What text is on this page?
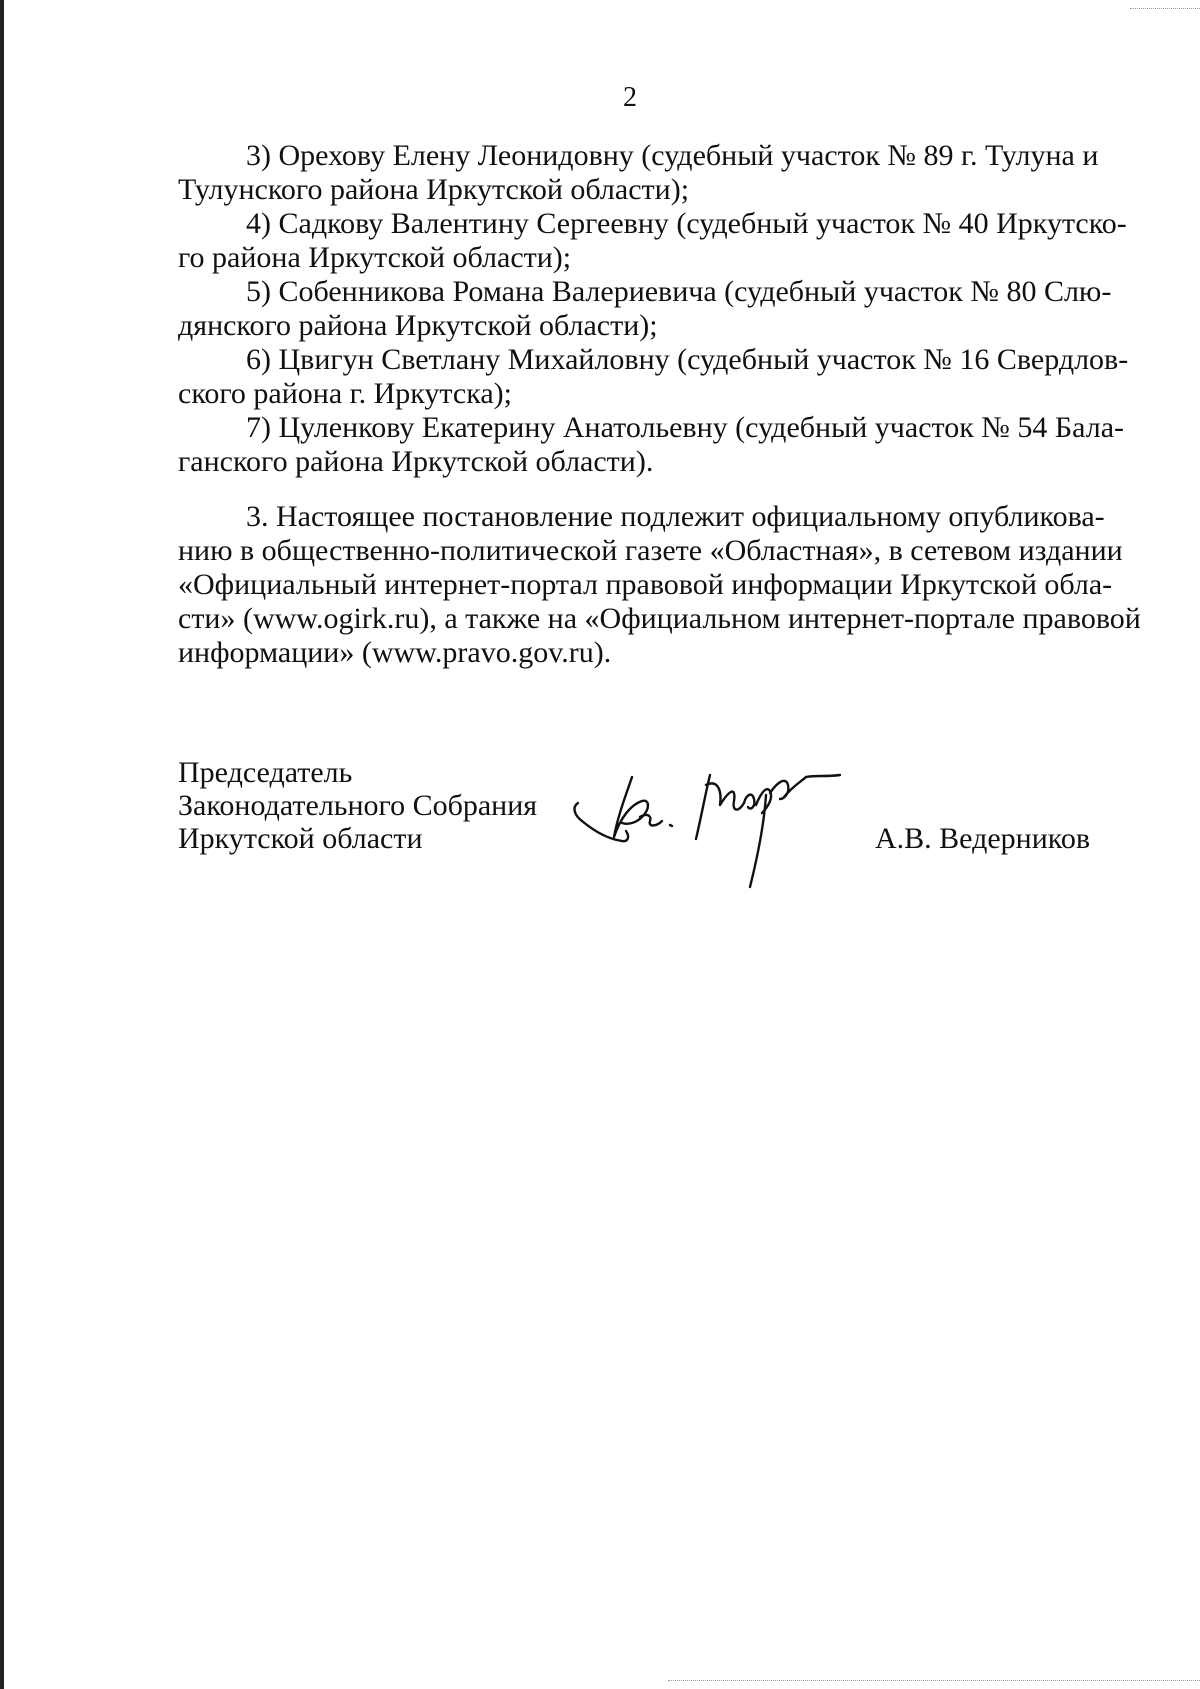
2
3) Орехову Елену Леонидовну (судебный участок № 89 г. Тулуна и
Тулунского района Иркутской области);
4) Садкову Валентину Сергеевну (судебный участок № 40 Иркутско-
го района Иркутской области);
5) Собенникова Романа Валериевича (судебный участок № 80 Слю-
дянского района Иркутской области);
6) Цвигун Светлану Михайловну (судебный участок № 16 Свердлов-
ского района г. Иркутска);
7) Цуленкову Екатерину Анатольевну (судебный участок № 54 Бала-
ганского района Иркутской области).
3. Настоящее постановление подлежит официальному опубликова-
нию в общественно-политической газете «Областная», в сетевом издании
«Официальный интернет-портал правовой информации Иркутской обла-
сти» (www.ogirk.ru), а также на «Официальном интернет-портале правовой
информации» (www.pravo.gov.ru).
Председатель
Законодательного Собрания
Иркутской области	А.В. Ведерников
